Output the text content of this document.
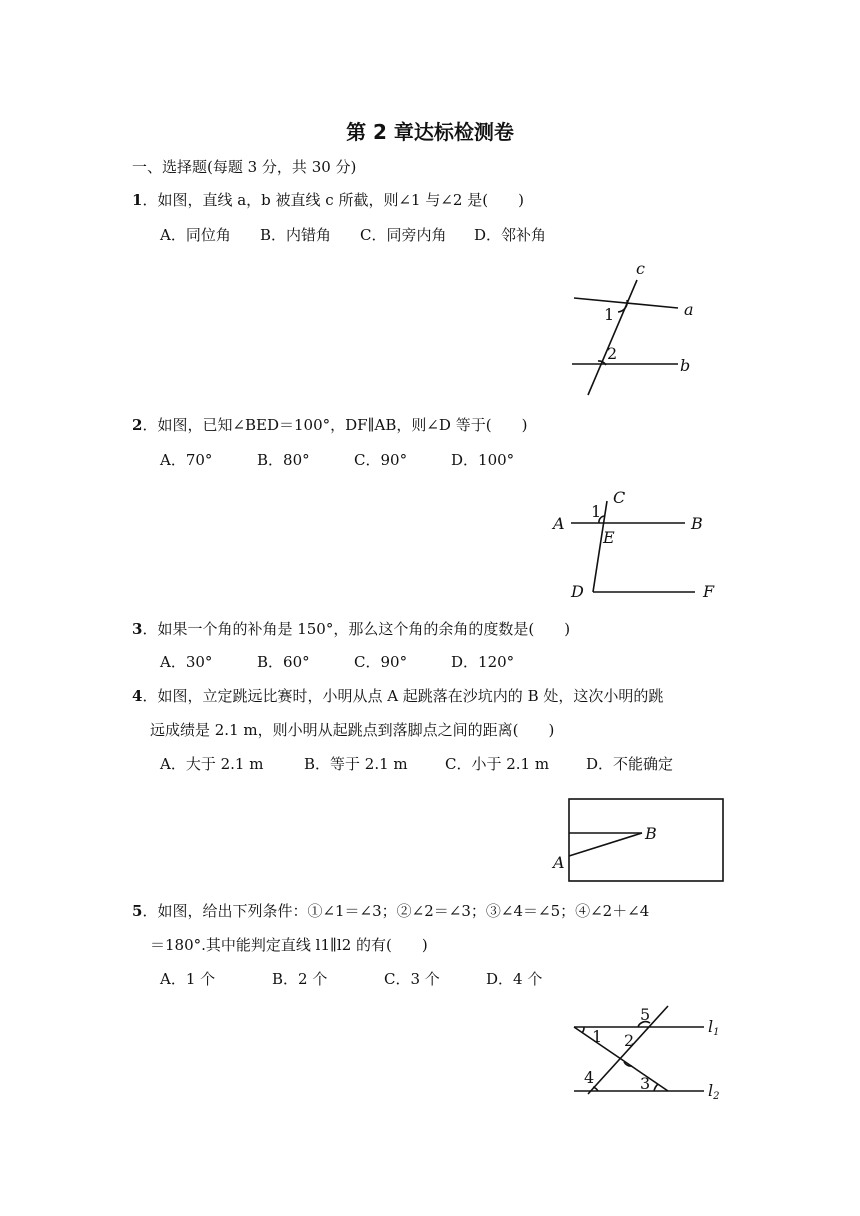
第 2 章达标检测卷
一、选择题(每题 3 分，共 30 分)
1．如图，直线 a，b 被直线 c 所截，则∠1 与∠2 是(　　)
A．同位角 B．内错角 C．同旁内角 D．邻补角
c
a
b
1
2
2．如图，已知∠BED＝100°，DF∥AB，则∠D 等于(　　)
A．70°	B．80°	C．90°	D．100°
A	B
C
D
E
F
1
3．如果一个角的补角是 150°，那么这个角的余角的度数是(　　)
A．30°	B．60°	C．90°	D．120°
4．如图，立定跳远比赛时，小明从点 A 起跳落在沙坑内的 B 处，这次小明的跳
远成绩是 2.1 m，则小明从起跳点到落脚点之间的距离(　　)
A．大于 2.1 m	B．等于 2.1 m C．小于 2.1 m D．不能确定
B
A
5．如图，给出下列条件：①∠1＝∠3；②∠2＝∠3；③∠4＝∠5；④∠2＋∠4
＝180°.其中能判定直线 l1∥l2 的有(　　)
A．1 个	B．2 个	C．3 个	D．4 个
1 2
3
4
5
l1
l2
